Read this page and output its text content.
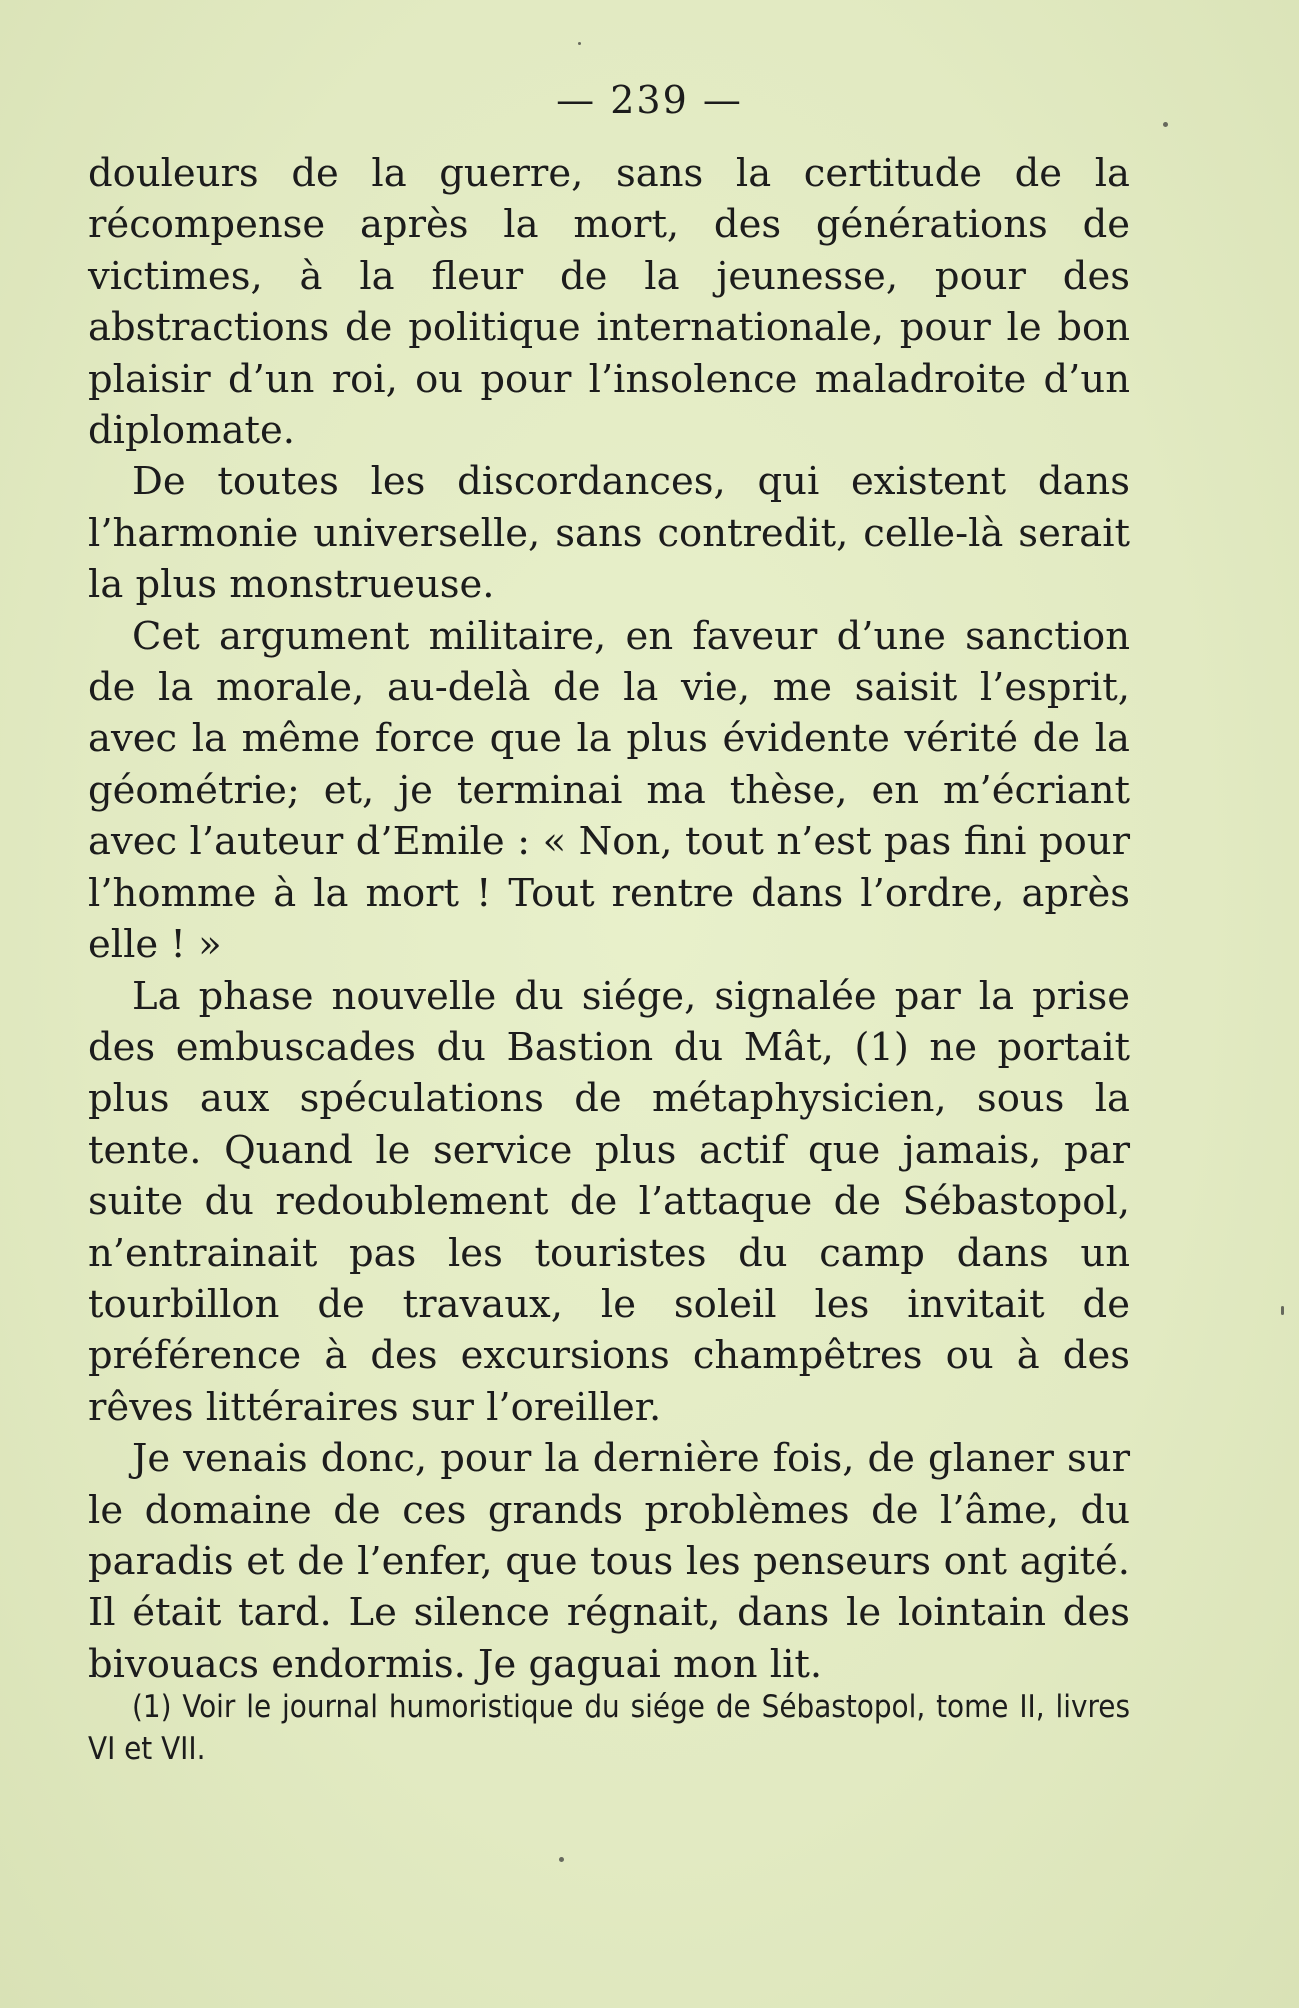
— 239 —

douleurs de la guerre, sans la certitude de la récompense après la mort, des générations de victimes, à la fleur de la jeunesse, pour des abstractions de politique internationale, pour le bon plaisir d’un roi, ou pour l’insolence maladroite d’un diplomate.

De toutes les discordances, qui existent dans l’harmonie universelle, sans contredit, celle-là serait la plus monstrueuse.

Cet argument militaire, en faveur d’une sanction de la morale, au-delà de la vie, me saisit l’esprit, avec la même force que la plus évidente vérité de la géométrie; et, je terminai ma thèse, en m’écriant avec l’auteur d’Emile : « Non, tout n’est pas fini pour l’homme à la mort ! Tout rentre dans l’ordre, après elle ! »

La phase nouvelle du siége, signalée par la prise des embuscades du Bastion du Mât, (1) ne portait plus aux spéculations de métaphysicien, sous la tente. Quand le service plus actif que jamais, par suite du redoublement de l’attaque de Sébastopol, n’entrainait pas les touristes du camp dans un tourbillon de travaux, le soleil les invitait de préférence à des excursions champêtres ou à des rêves littéraires sur l’oreiller.

Je venais donc, pour la dernière fois, de glaner sur le domaine de ces grands problèmes de l’âme, du paradis et de l’enfer, que tous les penseurs ont agité. Il était tard. Le silence régnait, dans le lointain des bivouacs endormis. Je gaguai mon lit.

(1) Voir le journal humoristique du siége de Sébastopol, tome II, livres VI et VII.
